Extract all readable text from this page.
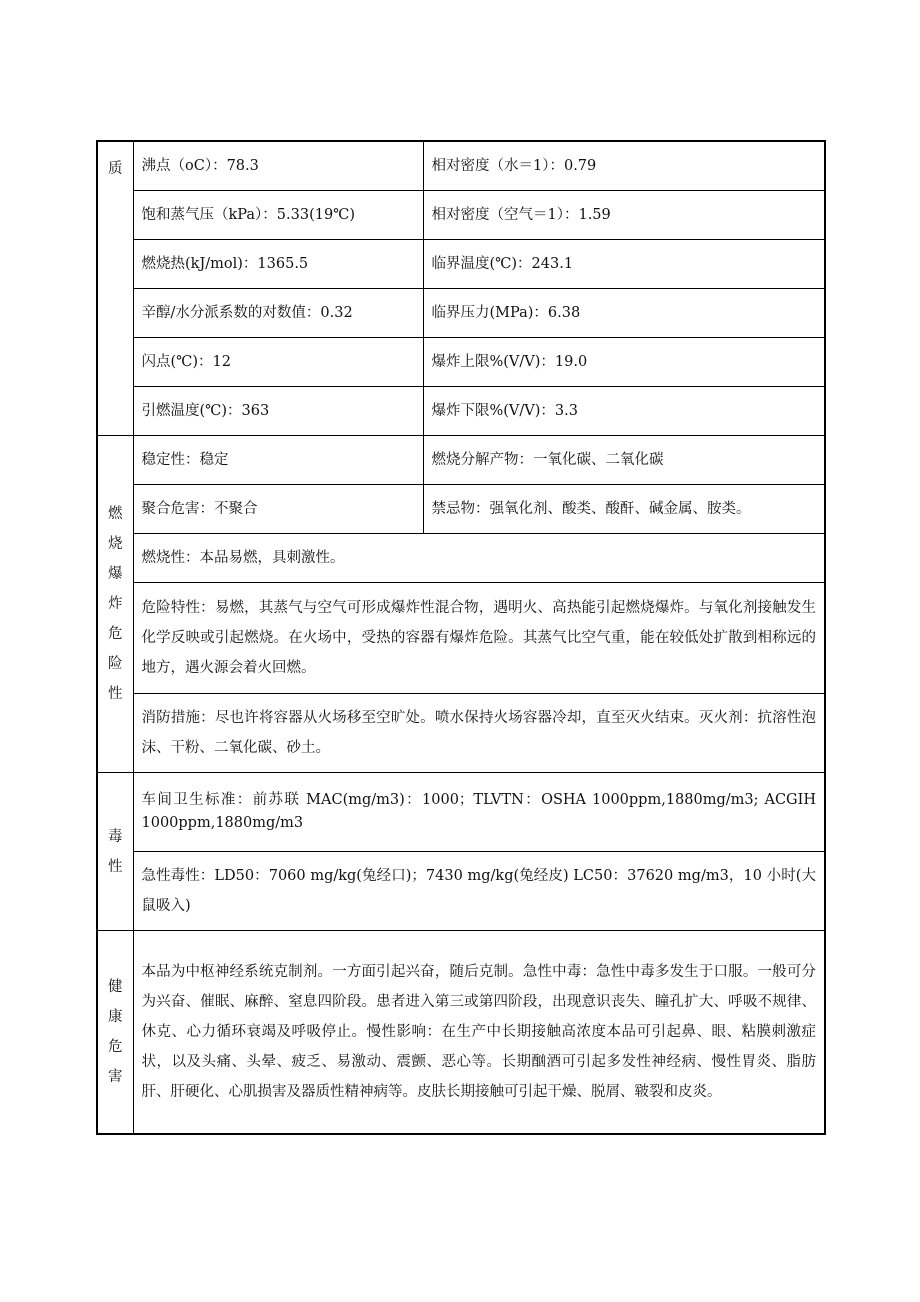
质	沸点（oC）：78.3	相对密度（水＝1）：0.79
	饱和蒸气压（kPa）：5.33(19℃)	相对密度（空气＝1）：1.59
	燃烧热(kJ/mol)：1365.5	临界温度(℃)：243.1
	辛醇/水分派系数的对数值：0.32	临界压力(MPa)：6.38
	闪点(℃)：12	爆炸上限%(V/V)：19.0
	引燃温度(℃)：363	爆炸下限%(V/V)：3.3
燃烧爆炸危险性	稳定性：稳定	燃烧分解产物：一氧化碳、二氧化碳
	聚合危害：不聚合	禁忌物：强氧化剂、酸类、酸酐、碱金属、胺类。
	燃烧性：本品易燃，具刺激性。	
	危险特性：易燃，其蒸气与空气可形成爆炸性混合物，遇明火、高热能引起燃烧爆炸。与氧化剂接触发生化学反映或引起燃烧。在火场中，受热的容器有爆炸危险。其蒸气比空气重，能在较低处扩散到相称远的地方，遇火源会着火回燃。	
	消防措施：尽也许将容器从火场移至空旷处。喷水保持火场容器冷却，直至灭火结束。灭火剂：抗溶性泡沫、干粉、二氧化碳、砂土。	
毒性	车间卫生标准：前苏联 MAC(mg/m3)：1000；TLVTN：OSHA 1000ppm,1880mg/m3; ACGIH 1000ppm,1880mg/m3	
	急性毒性：LD50：7060 mg/kg(兔经口)；7430 mg/kg(兔经皮) LC50：37620 mg/m3，10 小时(大鼠吸入)	
健康危害	本品为中枢神经系统克制剂。一方面引起兴奋，随后克制。急性中毒：急性中毒多发生于口服。一般可分为兴奋、催眠、麻醉、窒息四阶段。患者进入第三或第四阶段，出现意识丧失、瞳孔扩大、呼吸不规律、休克、心力循环衰竭及呼吸停止。慢性影响：在生产中长期接触高浓度本品可引起鼻、眼、粘膜刺激症状，以及头痛、头晕、疲乏、易激动、震颤、恶心等。长期酗酒可引起多发性神经病、慢性胃炎、脂肪肝、肝硬化、心肌损害及器质性精神病等。皮肤长期接触可引起干燥、脱屑、皲裂和皮炎。	
